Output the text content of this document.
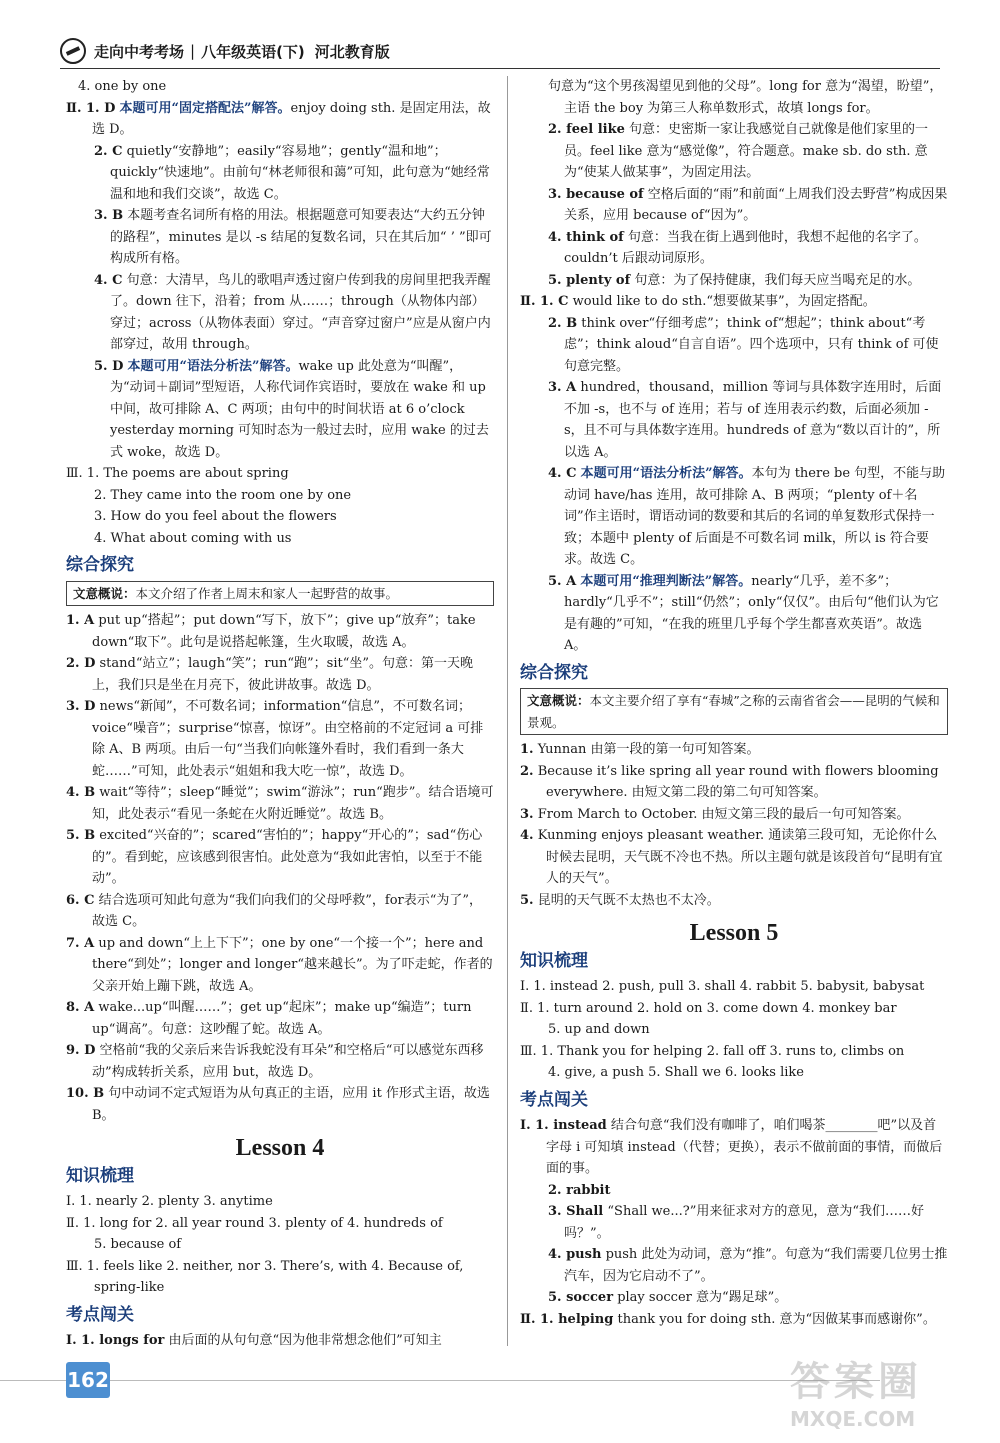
走向中考考场 | 八年级英语(下) 河北教育版

4. one by one

Ⅱ. 1. D 本题可用“固定搭配法”解答。enjoy doing sth. 是固定用法，故选 D。

2. C quietly“安静地”；easily“容易地”；gently“温和地”；quickly“快速地”。由前句“林老师很和蔼”可知，此句意为“她经常温和地和我们交谈”，故选 C。

3. B 本题考查名词所有格的用法。根据题意可知要表达“大约五分钟的路程”，minutes 是以 -s 结尾的复数名词，只在其后加“ ’ ”即可构成所有格。

4. C 句意：大清早，鸟儿的歌唱声透过窗户传到我的房间里把我弄醒了。down 往下，沿着；from 从……；through（从物体内部）穿过；across（从物体表面）穿过。“声音穿过窗户”应是从窗户内部穿过，故用 through。

5. D 本题可用“语法分析法”解答。wake up 此处意为“叫醒”，为“动词＋副词”型短语，人称代词作宾语时，要放在 wake 和 up 中间，故可排除 A、C 两项；由句中的时间状语 at 6 o’clock yesterday morning 可知时态为一般过去时，应用 wake 的过去式 woke，故选 D。

Ⅲ. 1. The poems are about spring

2. They came into the room one by one

3. How do you feel about the flowers

4. What about coming with us

综合探究
文意概说：本文介绍了作者上周末和家人一起野营的故事。

1. A put up“搭起”；put down“写下，放下”；give up“放弃”；take down“取下”。此句是说搭起帐篷，生火取暖，故选 A。

2. D stand“站立”；laugh“笑”；run“跑”；sit“坐”。句意：第一天晚上，我们只是坐在月亮下，彼此讲故事。故选 D。

3. D news“新闻”，不可数名词；information“信息”，不可数名词；voice“噪音”；surprise“惊喜，惊讶”。由空格前的不定冠词 a 可排除 A、B 两项。由后一句“当我们向帐篷外看时，我们看到一条大蛇……”可知，此处表示“姐姐和我大吃一惊”，故选 D。

4. B wait“等待”；sleep“睡觉”；swim“游泳”；run“跑步”。结合语境可知，此处表示“看见一条蛇在火附近睡觉”。故选 B。

5. B excited“兴奋的”；scared“害怕的”；happy“开心的”；sad“伤心的”。看到蛇，应该感到很害怕。此处意为“我如此害怕，以至于不能动”。

6. C 结合选项可知此句意为“我们向我们的父母呼救”，for表示“为了”，故选 C。

7. A up and down“上上下下”；one by one“一个接一个”；here and there“到处”；longer and longer“越来越长”。为了吓走蛇，作者的父亲开始上蹦下跳，故选 A。

8. A wake...up“叫醒……”；get up“起床”；make up“编造”；turn up“调高”。句意：这吵醒了蛇。故选 A。

9. D 空格前“我的父亲后来告诉我蛇没有耳朵”和空格后“可以感觉东西移动”构成转折关系，应用 but，故选 D。

10. B 句中动词不定式短语为从句真正的主语，应用 it 作形式主语，故选 B。

Lesson 4
知识梳理

Ⅰ. 1. nearly 2. plenty 3. anytime

Ⅱ. 1. long for 2. all year round 3. plenty of 4. hundreds of

5. because of

Ⅲ. 1. feels like 2. neither, nor 3. There’s, with 4. Because of,

spring-like

考点闯关

Ⅰ. 1. longs for 由后面的从句句意“因为他非常想念他们”可知主

句意为“这个男孩渴望见到他的父母”。long for 意为“渴望，盼望”，主语 the boy 为第三人称单数形式，故填 longs for。

2. feel like 句意：史密斯一家让我感觉自己就像是他们家里的一员。feel like 意为“感觉像”，符合题意。make sb. do sth. 意为“使某人做某事”，为固定用法。

3. because of 空格后面的“雨”和前面“上周我们没去野营”构成因果关系，应用 because of“因为”。

4. think of 句意：当我在街上遇到他时，我想不起他的名字了。couldn’t 后跟动词原形。

5. plenty of 句意：为了保持健康，我们每天应当喝充足的水。

Ⅱ. 1. C would like to do sth.“想要做某事”，为固定搭配。

2. B think over“仔细考虑”；think of“想起”；think about“考虑”；think aloud“自言自语”。四个选项中，只有 think of 可使句意完整。

3. A hundred，thousand，million 等词与具体数字连用时，后面不加 -s，也不与 of 连用；若与 of 连用表示约数，后面必须加 -s，且不可与具体数字连用。hundreds of 意为“数以百计的”，所以选 A。

4. C 本题可用“语法分析法”解答。本句为 there be 句型，不能与助动词 have/has 连用，故可排除 A、B 两项；“plenty of＋名词”作主语时，谓语动词的数要和其后的名词的单复数形式保持一致；本题中 plenty of 后面是不可数名词 milk，所以 is 符合要求。故选 C。

5. A 本题可用“推理判断法”解答。nearly“几乎，差不多”；hardly“几乎不”；still“仍然”；only“仅仅”。由后句“他们认为它是有趣的”可知，“在我的班里几乎每个学生都喜欢英语”。故选 A。

综合探究
文意概说：本文主要介绍了享有“春城”之称的云南省省会——昆明的气候和景观。

1. Yunnan 由第一段的第一句可知答案。

2. Because it’s like spring all year round with flowers blooming everywhere. 由短文第二段的第二句可知答案。

3. From March to October. 由短文第三段的最后一句可知答案。

4. Kunming enjoys pleasant weather. 通读第三段可知，无论你什么时候去昆明，天气既不冷也不热。所以主题句就是该段首句“昆明有宜人的天气”。

5. 昆明的天气既不太热也不太冷。

Lesson 5
知识梳理

Ⅰ. 1. instead 2. push, pull 3. shall 4. rabbit 5. babysit, babysat

Ⅱ. 1. turn around 2. hold on 3. come down 4. monkey bar

5. up and down

Ⅲ. 1. Thank you for helping 2. fall off 3. runs to, climbs on

4. give, a push 5. Shall we 6. looks like

考点闯关

Ⅰ. 1. instead 结合句意“我们没有咖啡了，咱们喝茶________吧”以及首字母 i 可知填 instead（代替；更换），表示不做前面的事情，而做后面的事。

2. rabbit

3. Shall “Shall we...?”用来征求对方的意见，意为“我们……好吗？”。

4. push push 此处为动词，意为“推”。句意为“我们需要几位男士推汽车，因为它启动不了”。

5. soccer play soccer 意为“踢足球”。

Ⅱ. 1. helping thank you for doing sth. 意为“因做某事而感谢你”。

162	答案圈
MXQE.COM
